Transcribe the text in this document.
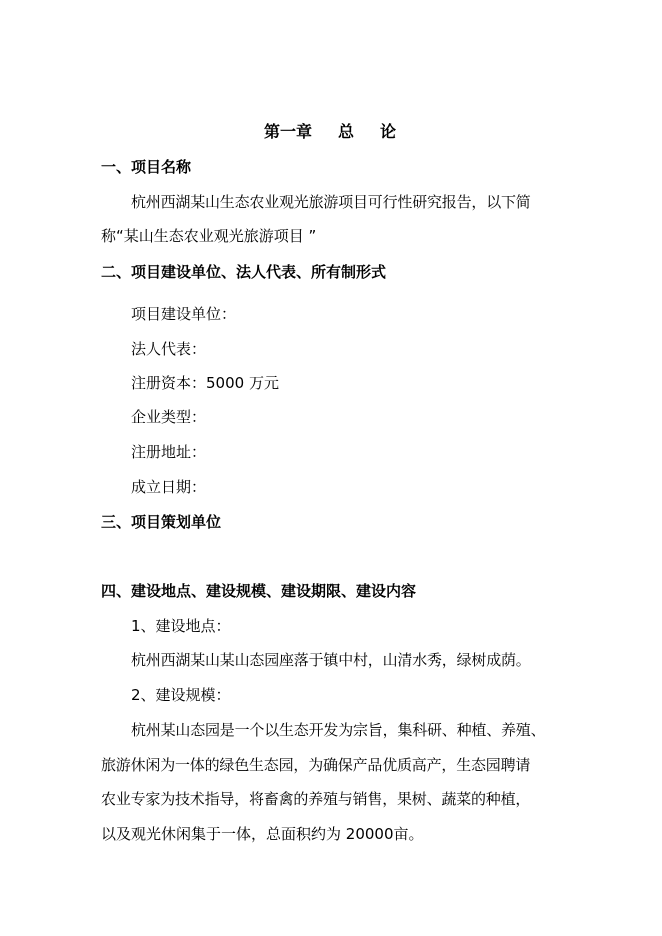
第一章 总 论
一、项目名称
杭州西湖某山生态农业观光旅游项目可行性研究报告，以下简
称“某山生态农业观光旅游项目 ”
二、项目建设单位、法人代表、所有制形式
项目建设单位：
法人代表：
注册资本：5000 万元
企业类型：
注册地址：
成立日期：
三、项目策划单位
四、建设地点、建设规模、建设期限、建设内容
1、建设地点：
杭州西湖某山某山态园座落于镇中村，山清水秀，绿树成荫。
2、建设规模：
杭州某山态园是一个以生态开发为宗旨，集科研、种植、养殖、
旅游休闲为一体的绿色生态园，为确保产品优质高产，生态园聘请
农业专家为技术指导，将畜禽的养殖与销售，果树、蔬菜的种植，
以及观光休闲集于一体，总面积约为 20000亩。
